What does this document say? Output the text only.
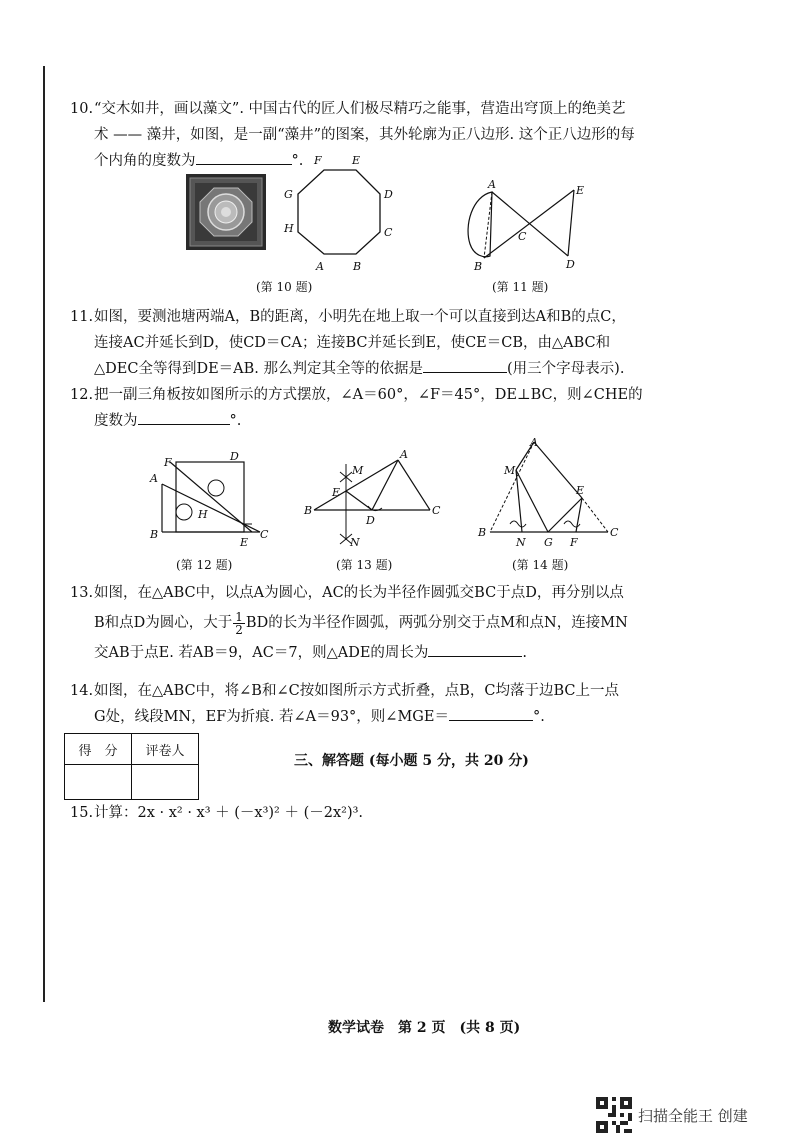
10.“交木如井，画以藻文”. 中国古代的匠人们极尽精巧之能事，营造出穹顶上的绝美艺
术 —— 藻井，如图，是一副“藻井”的图案，其外轮廓为正八边形. 这个正八边形的每
个内角的度数为	°. F	E
D
C
B
A
H
G
(第 10 题)
A
B
C
D
E
(第 11 题)
11.如图，要测池塘两端A，B的距离，小明先在地上取一个可以直接到达A和B的点C，
连接AC并延长到D，使CD＝CA；连接BC并延长到E，使CE＝CB，由△ABC和
△DEC全等得到DE＝AB. 那么判定其全等的依据是	(用三个字母表示).
12.把一副三角板按如图所示的方式摆放，∠A＝60°，∠F＝45°，DE⊥BC，则∠CHE的
度数为	°.
F	D
A
H
B
E
C
(第 12 题)
M
A
E
B
D
C
N
(第 13 题)
A
M
E
B
N G F
C
(第 14 题)
13.如图，在△ABC中，以点A为圆心，AC的长为半径作圆弧交BC于点D，再分别以点
B和点D为圆心，大于 $\frac{1}{2}$ BD的长为半径作圆弧，两弧分别交于点M和点N，连接MN
交AB于点E. 若AB＝9，AC＝7，则△ADE的周长为	.
14.如图，在△ABC中，将∠B和∠C按如图所示方式折叠，点B，C均落于边BC上一点
G处，线段MN，EF为折痕. 若∠A＝93°，则∠MGE＝	°.
得　分	评卷人

三、解答题 (每小题 5 分，共 20 分)
15.计算：2x · x² · x³ ＋ (－x³)² ＋ (－2x²)³.
数学试卷　第 2 页　(共 8 页)
扫描全能王 创建
